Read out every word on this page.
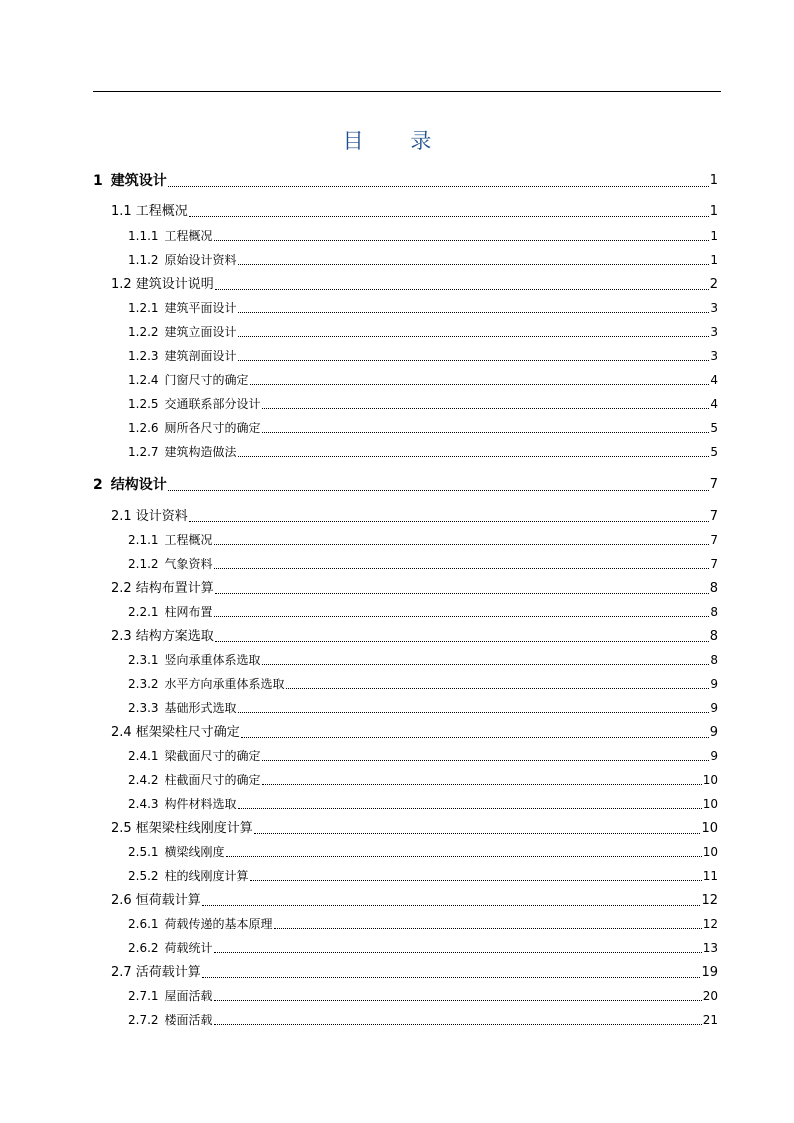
目 录
1 建筑设计	1
1.1 工程概况	1
1.1.1 工程概况	1
1.1.2 原始设计资料	1
1.2 建筑设计说明	2
1.2.1 建筑平面设计	3
1.2.2 建筑立面设计	3
1.2.3 建筑剖面设计	3
1.2.4 门窗尺寸的确定	4
1.2.5 交通联系部分设计	4
1.2.6 厕所各尺寸的确定	5
1.2.7 建筑构造做法	5
2 结构设计	7
2.1 设计资料	7
2.1.1 工程概况	7
2.1.2 气象资料	7
2.2 结构布置计算	8
2.2.1 柱网布置	8
2.3 结构方案选取	8
2.3.1 竖向承重体系选取	8
2.3.2 水平方向承重体系选取	9
2.3.3 基础形式选取	9
2.4 框架梁柱尺寸确定	9
2.4.1 梁截面尺寸的确定	9
2.4.2 柱截面尺寸的确定	10
2.4.3 构件材料选取	10
2.5 框架梁柱线刚度计算	10
2.5.1 横梁线刚度	10
2.5.2 柱的线刚度计算	11
2.6 恒荷载计算	12
2.6.1 荷载传递的基本原理	12
2.6.2 荷载统计	13
2.7 活荷载计算	19
2.7.1 屋面活载	20
2.7.2 楼面活载	21
